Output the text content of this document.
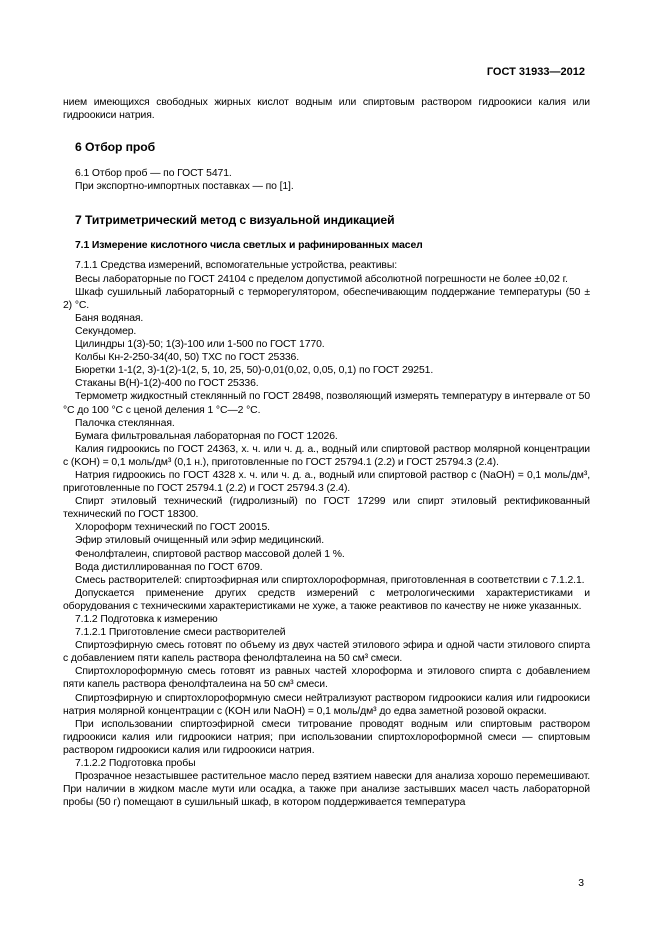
ГОСТ 31933—2012

нием имеющихся свободных жирных кислот водным или спиртовым раствором гидроокиси калия или гидроокиси натрия.

6 Отбор проб

6.1 Отбор проб — по ГОСТ 5471.

При экспортно-импортных поставках — по [1].

7 Титриметрический метод с визуальной индикацией
7.1 Измерение кислотного числа светлых и рафинированных масел

7.1.1 Средства измерений, вспомогательные устройства, реактивы:

Весы лабораторные по ГОСТ 24104 с пределом допустимой абсолютной погрешности не более ±0,02 г.

Шкаф сушильный лабораторный с терморегулятором, обеспечивающим поддержание температуры (50 ± 2) °С.

Баня водяная.

Секундомер.

Цилиндры 1(3)-50; 1(3)-100 или 1-500 по ГОСТ 1770.

Колбы Кн-2-250-34(40, 50) ТХС по ГОСТ 25336.

Бюретки 1-1(2, 3)-1(2)-1(2, 5, 10, 25, 50)-0,01(0,02, 0,05, 0,1) по ГОСТ 29251.

Стаканы В(Н)-1(2)-400 по ГОСТ 25336.

Термометр жидкостный стеклянный по ГОСТ 28498, позволяющий измерять температуру в интервале от 50 °С до 100 °С с ценой деления 1 °С—2 °С.

Палочка стеклянная.

Бумага фильтровальная лабораторная по ГОСТ 12026.

Калия гидроокись по ГОСТ 24363, х. ч. или ч. д. а., водный или спиртовой раствор молярной концентрации c (KOH) = 0,1 моль/дм³ (0,1 н.), приготовленные по ГОСТ 25794.1 (2.2) и ГОСТ 25794.3 (2.4).

Натрия гидроокись по ГОСТ 4328 х. ч. или ч. д. а., водный или спиртовой раствор c (NaOH) = 0,1 моль/дм³, приготовленные по ГОСТ 25794.1 (2.2) и ГОСТ 25794.3 (2.4).

Спирт этиловый технический (гидролизный) по ГОСТ 17299 или спирт этиловый ректификованный технический по ГОСТ 18300.

Хлороформ технический по ГОСТ 20015.

Эфир этиловый очищенный или эфир медицинский.

Фенолфталеин, спиртовой раствор массовой долей 1 %.

Вода дистиллированная по ГОСТ 6709.

Смесь растворителей: спиртоэфирная или спиртохлороформная, приготовленная в соответствии с 7.1.2.1.

Допускается применение других средств измерений с метрологическими характеристиками и оборудования с техническими характеристиками не хуже, а также реактивов по качеству не ниже указанных.

7.1.2 Подготовка к измерению

7.1.2.1 Приготовление смеси растворителей

Спиртоэфирную смесь готовят по объему из двух частей этилового эфира и одной части этилового спирта с добавлением пяти капель раствора фенолфталеина на 50 см³ смеси.

Спиртохлороформную смесь готовят из равных частей хлороформа и этилового спирта с добавлением пяти капель раствора фенолфталеина на 50 см³ смеси.

Спиртоэфирную и спиртохлороформную смеси нейтрализуют раствором гидроокиси калия или гидроокиси натрия молярной концентрации c (KOH или NaOH) = 0,1 моль/дм³ до едва заметной розовой окраски.

При использовании спиртоэфирной смеси титрование проводят водным или спиртовым раствором гидроокиси калия или гидроокиси натрия; при использовании спиртохлороформной смеси — спиртовым раствором гидроокиси калия или гидроокиси натрия.

7.1.2.2 Подготовка пробы

Прозрачное незастывшее растительное масло перед взятием навески для анализа хорошо перемешивают. При наличии в жидком масле мути или осадка, а также при анализе застывших масел часть лабораторной пробы (50 г) помещают в сушильный шкаф, в котором поддерживается температура

3
